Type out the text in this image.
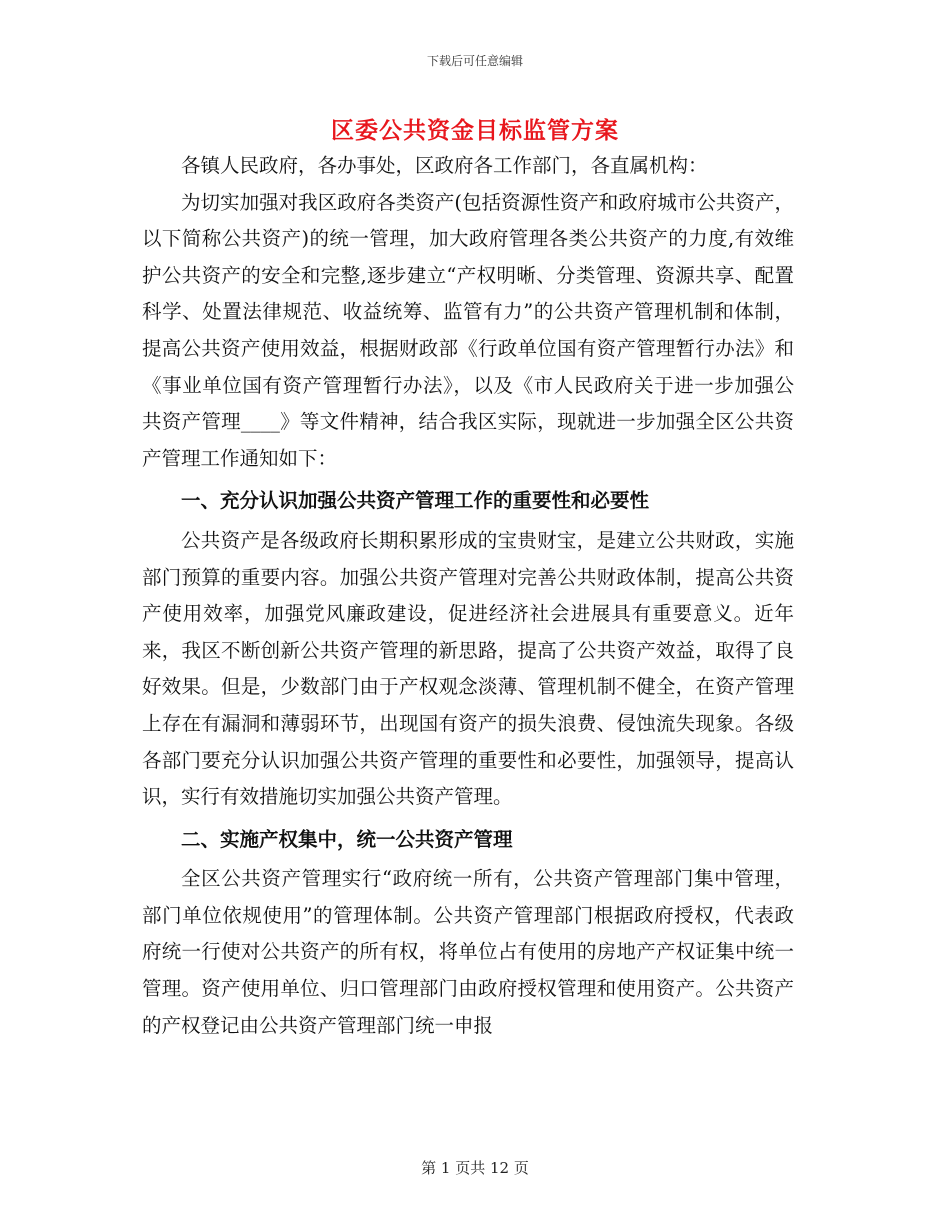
下载后可任意编辑
区委公共资金目标监管方案

各镇人民政府，各办事处，区政府各工作部门，各直属机构：

为切实加强对我区政府各类资产(包括资源性资产和政府城市公共资产，以下简称公共资产)的统一管理，加大政府管理各类公共资产的力度,有效维护公共资产的安全和完整,逐步建立“产权明晰、分类管理、资源共享、配置科学、处置法律规范、收益统筹、监管有力”的公共资产管理机制和体制，提高公共资产使用效益，根据财政部《行政单位国有资产管理暂行办法》和《事业单位国有资产管理暂行办法》，以及《市人民政府关于进一步加强公共资产管理____》等文件精神，结合我区实际，现就进一步加强全区公共资产管理工作通知如下：

一、充分认识加强公共资产管理工作的重要性和必要性

公共资产是各级政府长期积累形成的宝贵财宝，是建立公共财政，实施部门预算的重要内容。加强公共资产管理对完善公共财政体制，提高公共资产使用效率，加强党风廉政建设，促进经济社会进展具有重要意义。近年来，我区不断创新公共资产管理的新思路，提高了公共资产效益，取得了良好效果。但是，少数部门由于产权观念淡薄、管理机制不健全，在资产管理上存在有漏洞和薄弱环节，出现国有资产的损失浪费、侵蚀流失现象。各级各部门要充分认识加强公共资产管理的重要性和必要性，加强领导，提高认识，实行有效措施切实加强公共资产管理。

二、实施产权集中，统一公共资产管理

全区公共资产管理实行“政府统一所有，公共资产管理部门集中管理，部门单位依规使用”的管理体制。公共资产管理部门根据政府授权，代表政府统一行使对公共资产的所有权，将单位占有使用的房地产产权证集中统一管理。资产使用单位、归口管理部门由政府授权管理和使用资产。公共资产的产权登记由公共资产管理部门统一申报

第 1 页共 12 页
